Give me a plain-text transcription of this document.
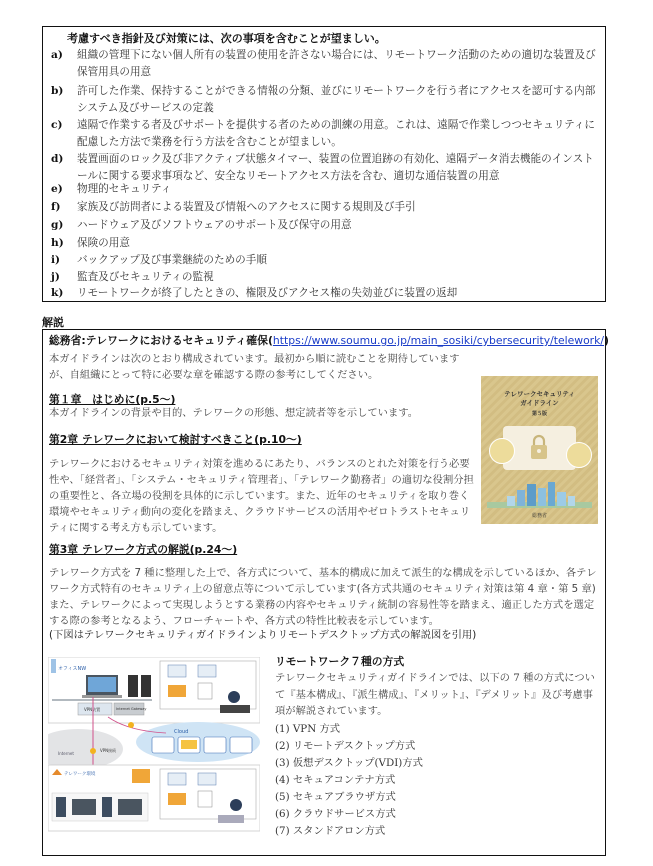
考慮すべき指針及び対策には、次の事項を含むことが望ましい。
a)	組織の管理下にない個人所有の装置の使用を許さない場合には、リモートワーク活動のための適切な装置及び保管用具の用意
b)	許可した作業、保持することができる情報の分類、並びにリモートワークを行う者にアクセスを認可する内部システム及びサービスの定義
c)	遠隔で作業する者及びサポートを提供する者のための訓練の用意。これは、遠隔で作業しつつセキュリティに配慮した方法で業務を行う方法を含むことが望ましい。
d)	装置画面のロック及び非アクティブ状態タイマー、装置の位置追跡の有効化、遠隔データ消去機能のインストールに関する要求事項など、安全なリモートアクセス方法を含む、適切な通信装置の用意
e)	物理的セキュリティ
f)	家族及び訪問者による装置及び情報へのアクセスに関する規則及び手引
g)	ハードウェア及びソフトウェアのサポート及び保守の用意
h)	保険の用意
i)	バックアップ及び事業継続のための手順
j)	監査及びセキュリティの監視
k)	リモートワークが終了したときの、権限及びアクセス権の失効並びに装置の返却
解説
総務省:テレワークにおけるセキュリティ確保(https://www.soumu.go.jp/main_sosiki/cybersecurity/telework/)
本ガイドラインは次のとおり構成されています。最初から順に読むことを期待していますが、自組織にとって特に必要な章を確認する際の参考にしてください。
第１章　はじめに(p.5～)
本ガイドラインの背景や目的、テレワークの形態、想定読者等を示しています。
第2章 テレワークにおいて検討すべきこと(p.10～)
テレワークにおけるセキュリティ対策を進めるにあたり、バランスのとれた対策を行う必要性や、「経営者」、「システム・セキュリティ管理者」、「テレワーク勤務者」の適切な役割分担の重要性と、各立場の役割を具体的に示しています。また、近年のセキュリティを取り巻く環境やセキュリティ動向の変化を踏まえ、クラウドサービスの活用やゼロトラストセキュリティに関する考え方も示しています。
第3章 テレワーク方式の解説(p.24～)
テレワーク方式を 7 種に整理した上で、各方式について、基本的構成に加えて派生的な構成を示しているほか、各テレワーク方式特有のセキュリティ上の留意点等について示しています(各方式共通のセキュリティ対策は第 4 章・第 5 章)また、テレワークによって実現しようとする業務の内容やセキュリティ統制の容易性等を踏まえ、適正した方式を選定する際の参考となるよう、フローチャートや、各方式の特性比較表を示しています。
(下図はテレワークセキュリティガイドラインよりリモートデスクトップ方式の解説図を引用)
テレワークセキュリティ
ガイドライン
第５版
総務省
オフィスNW
VPN装置	Internet Gateway
Internet
VPN接続
Cloud
テレワーク環境
リモートワーク７種の方式
テレワークセキュリティガイドラインでは、以下の 7 種の方式について『基本構成』、『派生構成』、『メリット』、『デメリット』及び考慮事項が解説されています。
(1) VPN 方式
(2) リモートデスクトップ方式
(3) 仮想デスクトップ(VDI)方式
(4) セキュアコンテナ方式
(5) セキュアブラウザ方式
(6) クラウドサービス方式
(7) スタンドアロン方式
